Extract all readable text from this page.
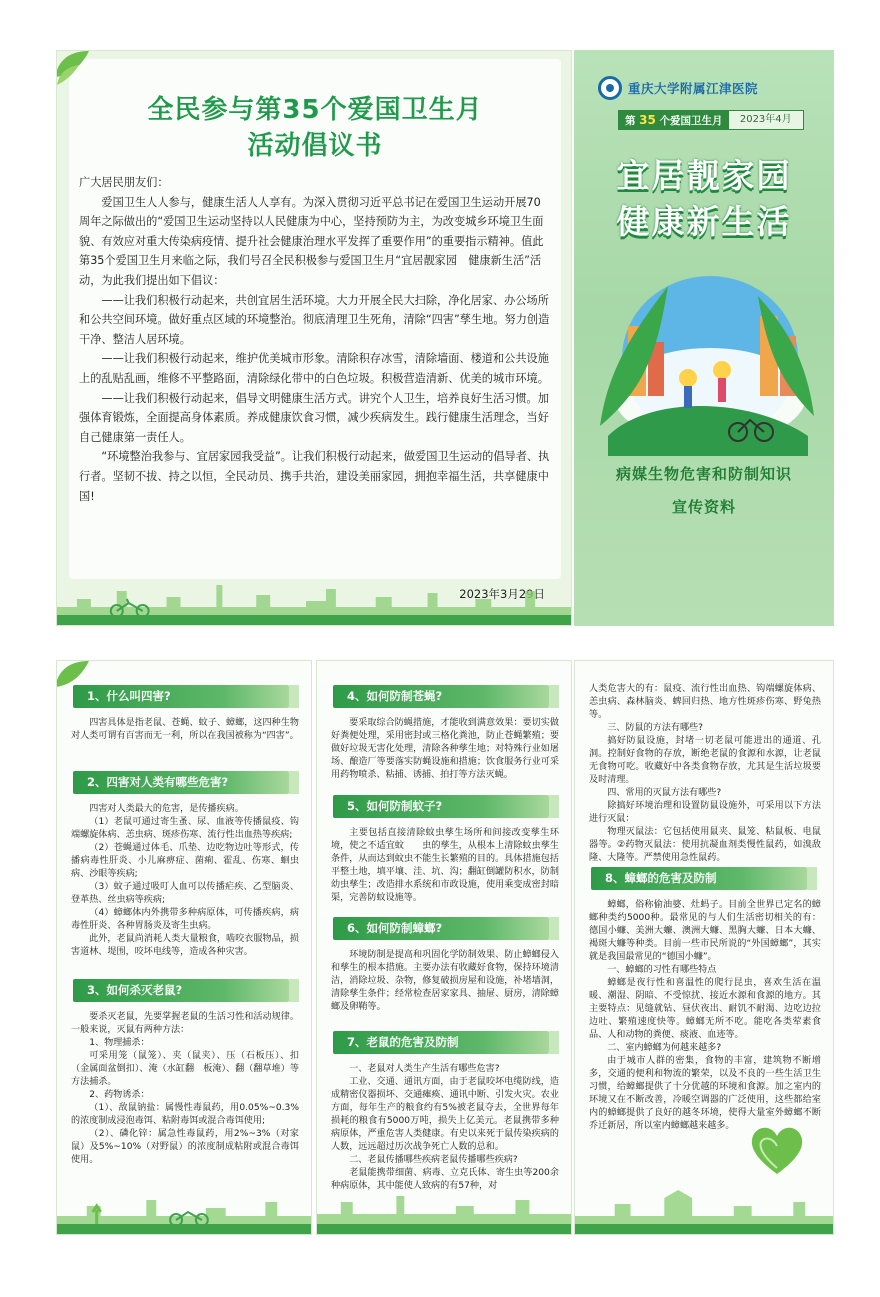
全民参与第35个爱国卫生月
活动倡议书

广大居民朋友们：

爱国卫生人人参与，健康生活人人享有。为深入贯彻习近平总书记在爱国卫生运动开展70周年之际做出的“爱国卫生运动坚持以人民健康为中心，坚持预防为主，为改变城乡环境卫生面貌、有效应对重大传染病疫情、提升社会健康治理水平发挥了重要作用”的重要指示精神。值此第35个爱国卫生月来临之际，我们号召全民积极参与爱国卫生月“宜居靓家园　健康新生活”活动，为此我们提出如下倡议：

——让我们积极行动起来，共创宜居生活环境。大力开展全民大扫除，净化居家、办公场所和公共空间环境。做好重点区域的环境整治。彻底清理卫生死角，清除“四害”孳生地。努力创造干净、整洁人居环境。

——让我们积极行动起来，维护优美城市形象。清除积存冰雪，清除墙面、楼道和公共设施上的乱贴乱画，维修不平整路面，清除绿化带中的白色垃圾。积极营造清新、优美的城市环境。

——让我们积极行动起来，倡导文明健康生活方式。讲究个人卫生，培养良好生活习惯。加强体育锻炼，全面提高身体素质。养成健康饮食习惯，减少疾病发生。践行健康生活理念，当好自己健康第一责任人。

“环境整治我参与、宜居家园我受益”。让我们积极行动起来，做爱国卫生运动的倡导者、执行者。坚韧不拔、持之以恒，全民动员、携手共治，建设美丽家园，拥抱幸福生活，共享健康中国!

2023年3月29日
重庆大学附属江津医院
第 35 个爱国卫生月	2023年4月
宜居靓家园
健康新生活
病媒生物危害和防制知识
宣传资料
1、什么叫四害?

四害具体是指老鼠、苍蝇、蚊子、蟑螂，这四种生物对人类可谓有百害而无一利，所以在我国被称为“四害”。

2、四害对人类有哪些危害?

四害对人类最大的危害，是传播疾病。

（1）老鼠可通过寄生蚤、尿、血液等传播鼠疫、钩端螺旋体病、恙虫病、斑疹伤寒、流行性出血热等疾病;

（2）苍蝇通过体毛、爪垫、边吃物边吐等形式，传播病毒性肝炎、小儿麻痹症、菌痢、霍乱、伤寒、蛔虫病、沙眼等疾病;

（3）蚊子通过吸叮人血可以传播疟疾、乙型脑炎、登革热、丝虫病等疾病;

（4）蟑螂体内外携带多种病原体，可传播疾病，病毒性肝炎、各种胃肠炎及寄生虫病。

此外，老鼠尚消耗人类大量粮食，啮咬衣服物品，损害道林、堤围，咬坏电线等，造成各种灾害。

3、如何杀灭老鼠?

要杀灭老鼠，先要掌握老鼠的生活习性和活动规律。一般来说，灭鼠有两种方法：

1、物理捕杀：

可采用笼（鼠笼）、夹（鼠夹）、压（石板压）、扣（金属面盆倒扣）、淹（水缸翻　板淹）、翻（翻草堆）等方法捕杀。

2、药物诱杀：

（1）、敌鼠钠盐：属慢性毒鼠药，用0.05%~0.3%的浓度制成浸泡毒饵、粘附毒饵或混合毒饵使用;

（2）、磷化锌：属急性毒鼠药，用2%~3%（对家鼠）及5%~10%（对野鼠）的浓度制成粘附或混合毒饵使用。

4、如何防制苍蝇?

要采取综合防蝇措施，才能收到满意效果：要切实做好粪便处理，采用密封或三格化粪池，防止苍蝇繁殖；要做好垃圾无害化处理，清除各种孳生地；对特殊行业如屠场、酿造厂等要落实防蝇设施和措施；饮食服务行业可采用药物喷杀、粘捕、诱捕、拍打等方法灭蝇。

5、如何防制蚊子?

主要包括直接清除蚊虫孳生场所和间接改变孳生环境，使之不适宜蚊　　虫的孳生，从根本上清除蚊虫孳生条件，从而达到蚊虫不能生长繁殖的目的。具体措施包括平整土地，填平壤、洼、坑、沟；翻缸倒罐防积水，防制幼虫孳生；改造排水系统和市政设施，使用乘变成密封暗渠，完善防蚊设施等。

6、如何防制蟑螂?

环境防制是提高和巩固化学防制效果、防止蟑螂侵入和孳生的根本措施。主要办法有收藏好食物，保持环境清洁，消除垃圾、杂物，修复破损房屋和设施，补堵墙洞，清除孳生条件；经常检查居家家具、抽屉、厨房，清除蟑螂及卵鞘等。

7、老鼠的危害及防制

一、老鼠对人类生产生活有哪些危害?

工业、交通、通讯方面，由于老鼠咬坏电缆防线，造成精密仪器损坏、交通瘫痪、通讯中断、引发火灾。农业方面，每年生产的粮食约有5%被老鼠夺去，全世界每年损耗的粮食有5000万吨，损失上亿美元。老鼠携带多种病原体，严重危害人类健康。有史以来死于鼠传染疾病的人数，远远超过历次战争死亡人数的总和。

二、老鼠传播哪些疾病老鼠传播哪些疾病?

老鼠能携带细菌、病毒、立克氏体、寄生虫等200余种病原体，其中能使人致病的有57种，对

人类危害大的有：鼠疫、流行性出血热、钩端螺旋体病、恙虫病、森林脑炎、蜱回归热、地方性斑疹伤寒、野兔热等。

三、防鼠的方法有哪些?

搞好防鼠设施，封堵一切老鼠可能进出的通道、孔洞。控制好食物的存放，断绝老鼠的食源和水源，让老鼠无食物可吃。收藏好中各类食物存放，尤其是生活垃圾要及时清理。

四、常用的灭鼠方法有哪些?

除搞好环境治理和设置防鼠设施外，可采用以下方法进行灭鼠：

物理灭鼠法：它包括使用鼠夹、鼠笼、粘鼠板、电鼠器等。②药物灭鼠法：使用抗凝血剂类慢性鼠药，如溴敌隆、大隆等。严禁使用急性鼠药。

8、蟑螂的危害及防制

蟑螂，俗称偷油婆、灶蚂子。目前全世界已定名的蟑螂种类约5000种。最常见的与人们生活密切相关的有：德国小蠊、美洲大蠊、澳洲大蠊、黑胸大蠊、日本大蠊、褐斑大蠊等种类。目前一些市民所说的“外国蟑螂”，其实就是我国最常见的“德国小蠊”。

一、蟑螂的习性有哪些特点

蟑螂是夜行性和喜温性的爬行昆虫，喜欢生活在温暖、潮湿、阴暗、不受惊扰、接近水源和食源的地方。其主要特点：见缝就钻、昼伏夜出、耐饥不耐渴、边吃边拉边吐、繁殖速度快等。蟑螂无所不吃。能吃各类荤素食品、人和动物的粪便、痰液、血迹等。

二、室内蟑螂为何越来越多?

由于城市人群的密集，食物的丰富，建筑物不断增多，交通的便利和物流的繁荣，以及不良的一些生活卫生习惯，给蟑螂提供了十分优越的环境和食源。加之室内的环境又在不断改善，冷暖空调器的广泛使用，这些都给室内的蟑螂提供了良好的越冬环境，使得大量室外蟑螂不断乔迁新居，所以室内蟑螂越来越多。
